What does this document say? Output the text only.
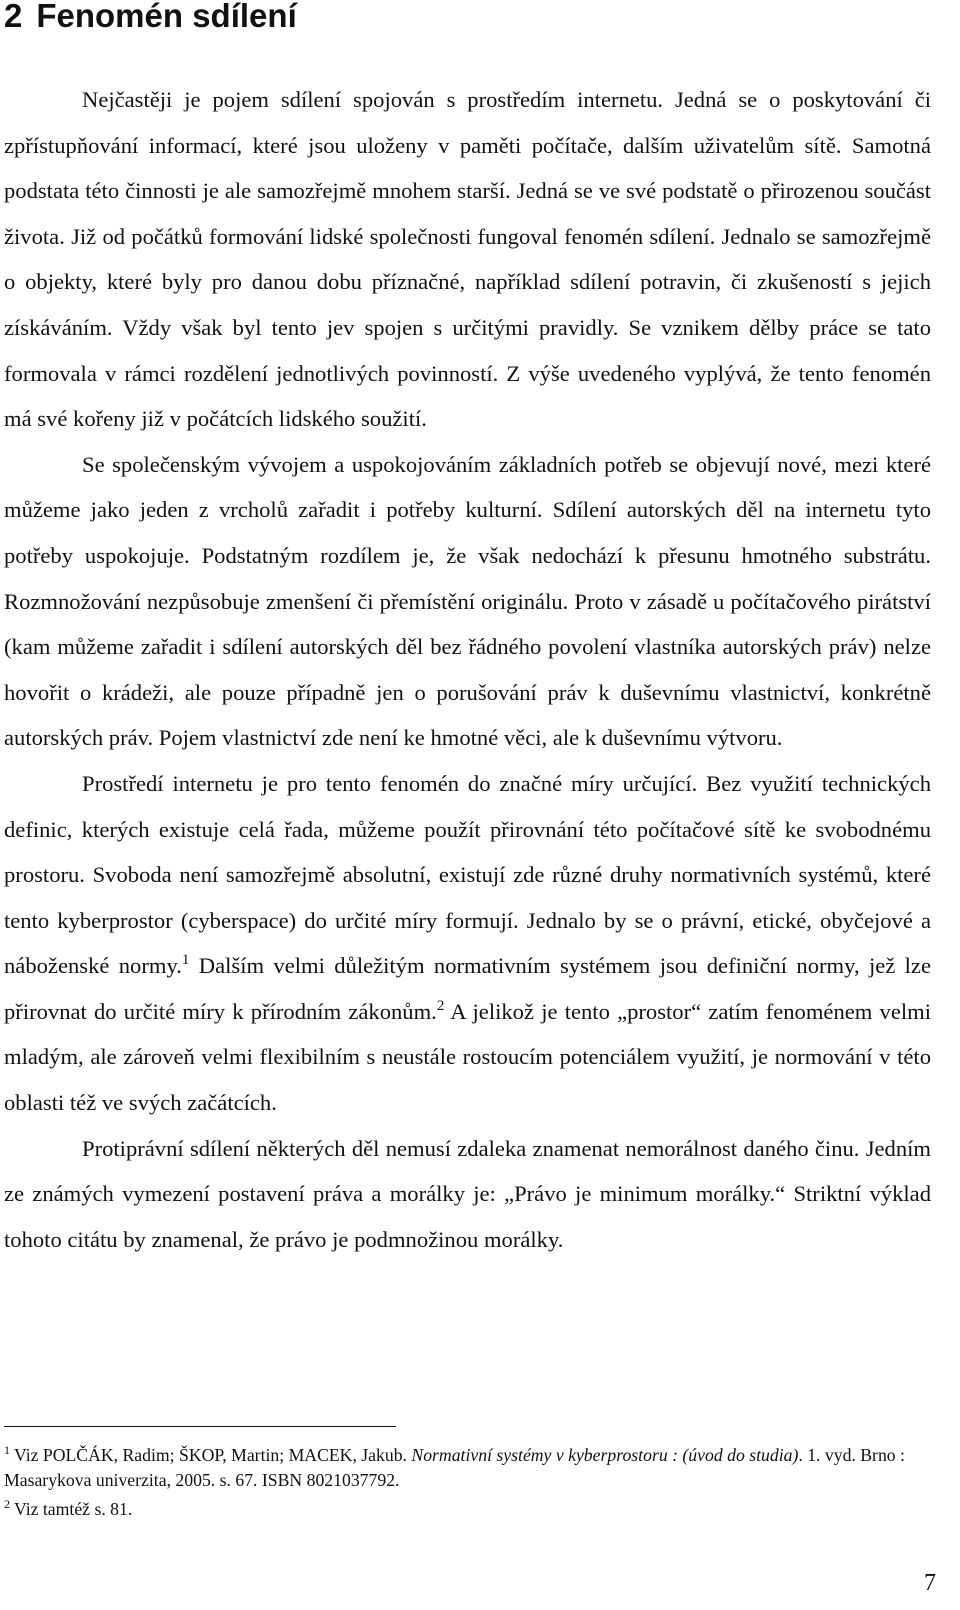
2 Fenomén sdílení

Nejčastěji je pojem sdílení spojován s prostředím internetu. Jedná se o poskytování či zpřístupňování informací, které jsou uloženy v paměti počítače, dalším uživatelům sítě. Samotná podstata této činnosti je ale samozřejmě mnohem starší. Jedná se ve své podstatě o přirozenou součást života. Již od počátků formování lidské společnosti fungoval fenomén sdílení. Jednalo se samozřejmě o objekty, které byly pro danou dobu příznačné, například sdílení potravin, či zkušeností s jejich získáváním. Vždy však byl tento jev spojen s určitými pravidly. Se vznikem dělby práce se tato formovala v rámci rozdělení jednotlivých povinností. Z výše uvedeného vyplývá, že tento fenomén má své kořeny již v počátcích lidského soužití.

Se společenským vývojem a uspokojováním základních potřeb se objevují nové, mezi které můžeme jako jeden z vrcholů zařadit i potřeby kulturní. Sdílení autorských děl na internetu tyto potřeby uspokojuje. Podstatným rozdílem je, že však nedochází k přesunu hmotného substrátu. Rozmnožování nezpůsobuje zmenšení či přemístění originálu. Proto v zásadě u počítačového pirátství (kam můžeme zařadit i sdílení autorských děl bez řádného povolení vlastníka autorských práv) nelze hovořit o krádeži, ale pouze případně jen o porušování práv k duševnímu vlastnictví, konkrétně autorských práv. Pojem vlastnictví zde není ke hmotné věci, ale k duševnímu výtvoru.

Prostředí internetu je pro tento fenomén do značné míry určující. Bez využití technických definic, kterých existuje celá řada, můžeme použít přirovnání této počítačové sítě ke svobodnému prostoru. Svoboda není samozřejmě absolutní, existují zde různé druhy normativních systémů, které tento kyberprostor (cyberspace) do určité míry formují. Jednalo by se o právní, etické, obyčejové a náboženské normy.$^1$ Dalším velmi důležitým normativním systémem jsou definiční normy, jež lze přirovnat do určité míry k přírodním zákonům.$^2$ A jelikož je tento „prostor“ zatím fenoménem velmi mladým, ale zároveň velmi flexibilním s neustále rostoucím potenciálem využití, je normování v této oblasti též ve svých začátcích.

Protiprávní sdílení některých děl nemusí zdaleka znamenat nemorálnost daného činu. Jedním ze známých vymezení postavení práva a morálky je: „Právo je minimum morálky.“ Striktní výklad tohoto citátu by znamenal, že právo je podmnožinou morálky.

$^1$ Viz POLČÁK, Radim; ŠKOP, Martin; MACEK, Jakub. Normativní systémy v kyberprostoru : (úvod do studia). 1. vyd. Brno : Masarykova univerzita, 2005. s. 67. ISBN 8021037792.

$^2$ Viz tamtéž s. 81.

7
